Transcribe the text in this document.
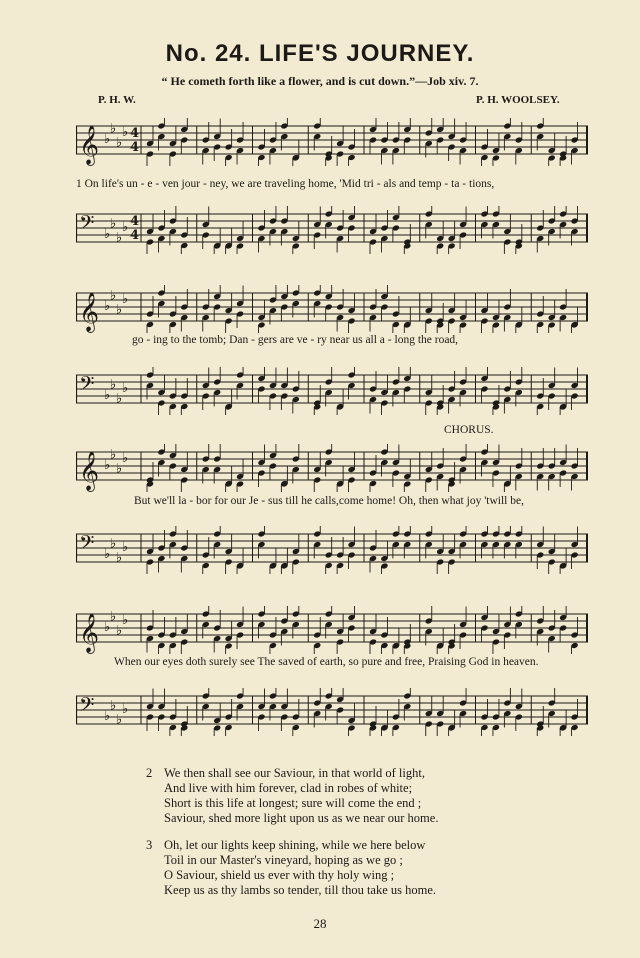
No. 24. LIFE'S JOURNEY.
“ He cometh forth like a flower, and is cut down.”—Job xiv. 7.
P. H. W.	P. H. WOOLSEY.
𝄞 ♭
♭
♭
♭ 4
4
𝄢 ♭
♭
♭
♭ 4
4
1 On life's un - e - ven jour - ney, we are traveling home, 'Mid tri - als and temp - ta - tions,
𝄞 ♭
♭
♭
♭
𝄢 ♭
♭
♭
♭
go - ing to the tomb; Dan - gers are ve - ry near us all a - long the road,
CHORUS.
𝄞 ♭
♭
♭
♭
𝄢 ♭
♭
♭
♭
But we'll la - bor for our Je - sus till he calls,come home! Oh, then what joy 'twill be,
𝄞 ♭
♭
♭
♭
𝄢 ♭
♭
♭
♭
When our eyes doth surely see The saved of earth, so pure and free, Praising God in heaven.
2 We then shall see our Saviour, in that world of light,
And live with him forever, clad in robes of white;
Short is this life at longest; sure will come the end ;
Saviour, shed more light upon us as we near our home.
3 Oh, let our lights keep shining, while we here below
Toil in our Master's vineyard, hoping as we go ;
O Saviour, shield us ever with thy holy wing ;
Keep us as thy lambs so tender, till thou take us home.
28
